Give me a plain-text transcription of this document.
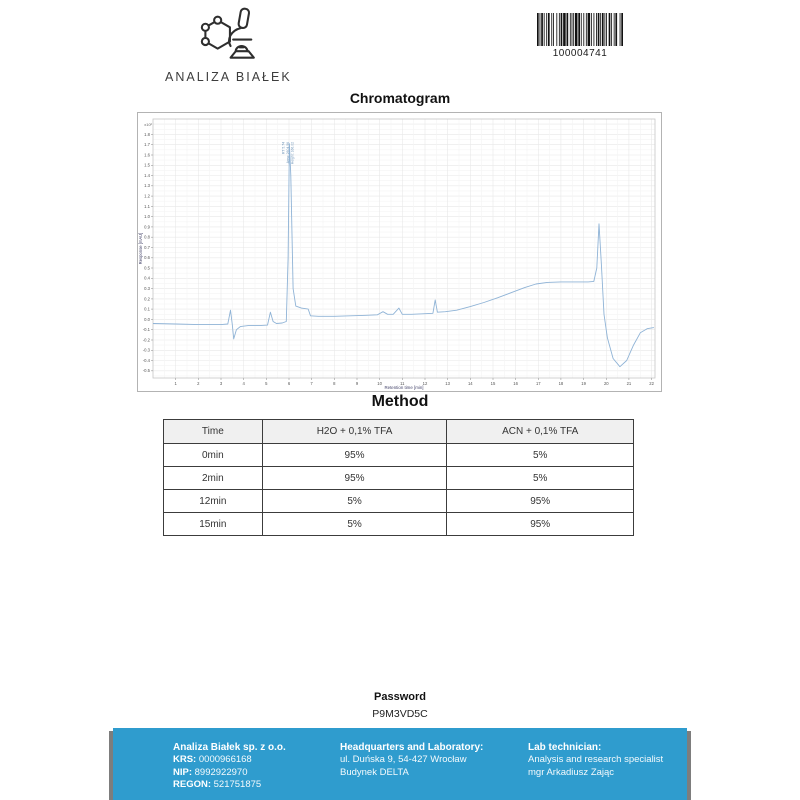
ANALIZA BIAŁEK
100004741
Chromatogram
1.8
1.7
1.6
1.5
1.4
1.3
1.2
1.1
1.0
0.9
0.8
0.7
0.6
0.5
0.4
0.3
0.2
0.1
0.0
-0.1
-0.2
-0.3
-0.4
-0.5
1	2	3	4	5	6	7	8	9	10	11	12	13	14	15	16	17	18	19	20	21	22
x10²
Retention time [min]
Response [mAU]
RT 5.74 Area: 2604.56 Height: 166.02
Method
Time	H2O + 0,1% TFA	ACN + 0,1% TFA
0min	95%	5%
2min	95%	5%
12min	5%	95%
15min	5%	95%
Password
P9M3VD5C
Analiza Białek sp. z o.o.
KRS: 0000966168
NIP: 8992922970
REGON: 521751875
Headquarters and Laboratory:
ul. Duńska 9, 54-427 Wrocław
Budynek DELTA
Lab technician:
Analysis and research specialist
mgr Arkadiusz Zając
